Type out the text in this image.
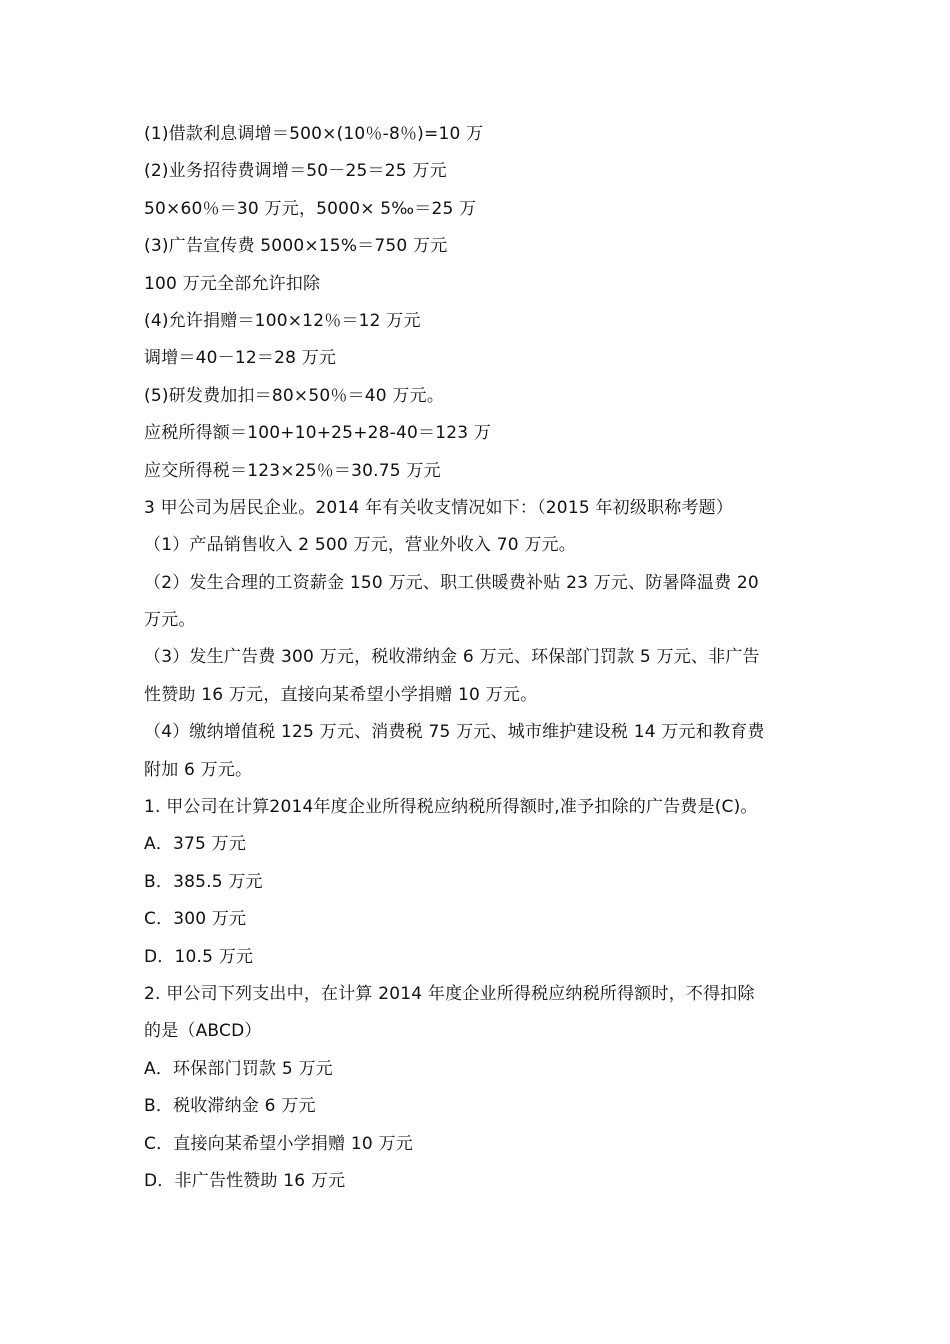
(1)借款利息调增＝500×(10％-8％)=10 万
(2)业务招待费调增＝50－25＝25 万元
50×60％＝30 万元，5000× 5‰＝25 万
(3)广告宣传费 5000×15%＝750 万元
100 万元全部允许扣除
(4)允许捐赠＝100×12％＝12 万元
调增＝40－12＝28 万元
(5)研发费加扣＝80×50％＝40 万元。
应税所得额＝100+10+25+28-40＝123 万
应交所得税＝123×25％＝30.75 万元
3 甲公司为居民企业。2014 年有关收支情况如下：（2015 年初级职称考题）
（1）产品销售收入 2 500 万元，营业外收入 70 万元。
（2）发生合理的工资薪金 150 万元、职工供暖费补贴 23 万元、防暑降温费 20
万元。
（3）发生广告费 300 万元，税收滞纳金 6 万元、环保部门罚款 5 万元、非广告
性赞助 16 万元，直接向某希望小学捐赠 10 万元。
（4）缴纳增值税 125 万元、消费税 75 万元、城市维护建设税 14 万元和教育费
附加 6 万元。
1. 甲公司在计算2014年度企业所得税应纳税所得额时,准予扣除的广告费是(C)。
A．375 万元
B．385.5 万元
C．300 万元
D．10.5 万元
2. 甲公司下列支出中，在计算 2014 年度企业所得税应纳税所得额时，不得扣除
的是（ABCD）
A．环保部门罚款 5 万元
B．税收滞纳金 6 万元
C．直接向某希望小学捐赠 10 万元
D．非广告性赞助 16 万元
